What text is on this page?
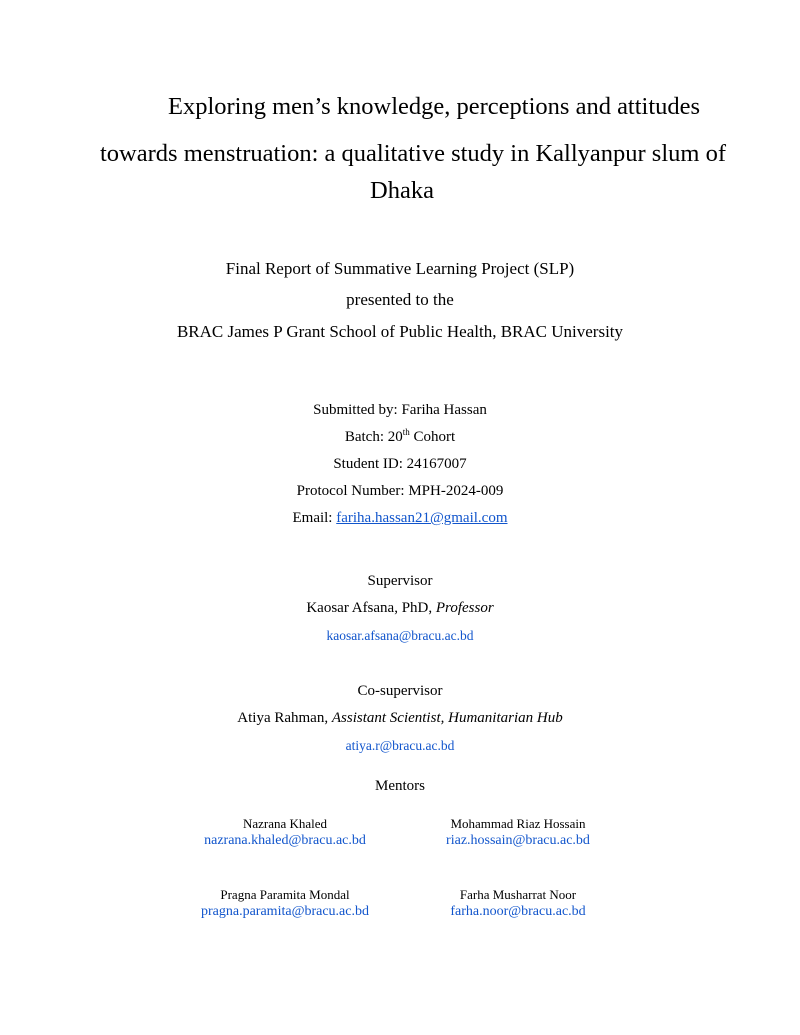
Exploring men’s knowledge, perceptions and attitudes
towards menstruation: a qualitative study in Kallyanpur slum of
Dhaka
Final Report of Summative Learning Project (SLP)
presented to the
BRAC James P Grant School of Public Health, BRAC University
Submitted by: Fariha Hassan
Batch: 20th Cohort
Student ID: 24167007
Protocol Number: MPH-2024-009
Email: fariha.hassan21@gmail.com
Supervisor
Kaosar Afsana, PhD, Professor
kaosar.afsana@bracu.ac.bd
Co-supervisor
Atiya Rahman, Assistant Scientist, Humanitarian Hub
atiya.r@bracu.ac.bd
Mentors
Nazrana Khaled
nazrana.khaled@bracu.ac.bd
Mohammad Riaz Hossain
riaz.hossain@bracu.ac.bd
Pragna Paramita Mondal
pragna.paramita@bracu.ac.bd
Farha Musharrat Noor
farha.noor@bracu.ac.bd
